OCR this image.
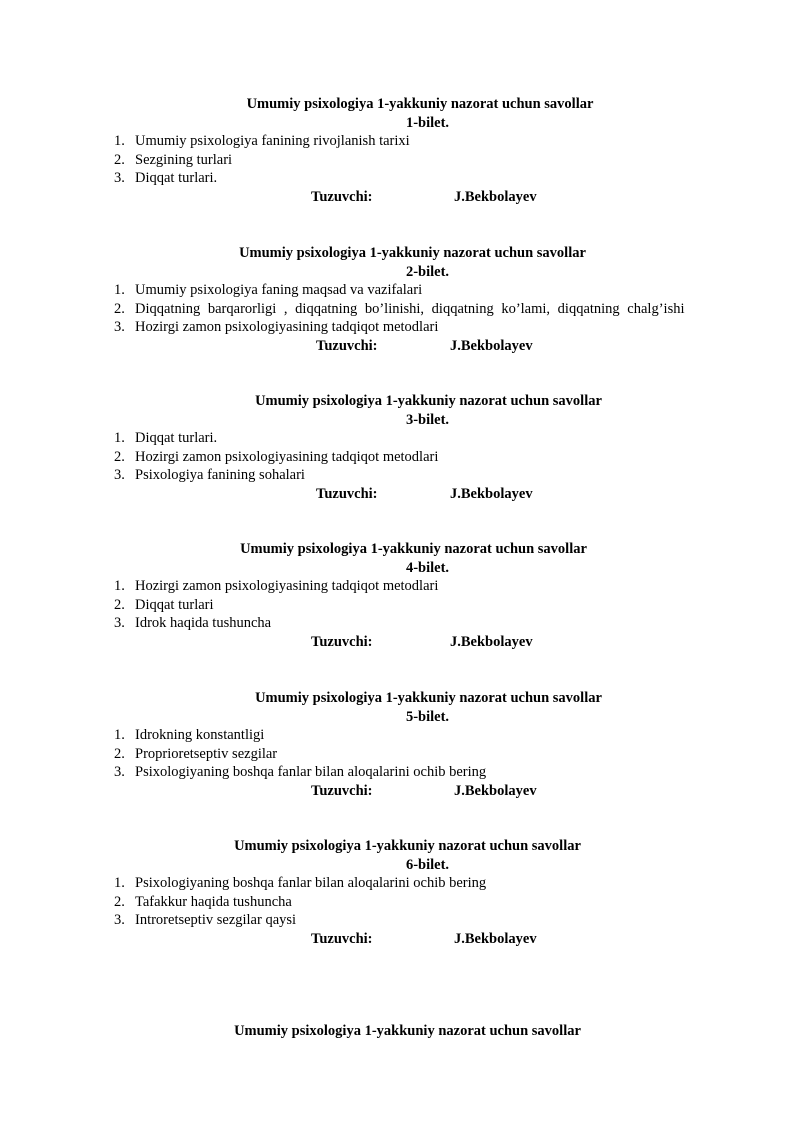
Umumiy psixologiya 1-yakkuniy nazorat uchun savollar
1-bilet.
1. Umumiy psixologiya fanining rivojlanish tarixi
2. Sezgining turlari
3. Diqqat turlari.
Tuzuvchi:	J.Bekbolayev
Umumiy psixologiya 1-yakkuniy nazorat uchun savollar
2-bilet.
1. Umumiy psixologiya faning maqsad va vazifalari
2. Diqqatning barqarorligi , diqqatning bo’linishi, diqqatning ko’lami, diqqatning chalg’ishi
3. Hozirgi zamon psixologiyasining tadqiqot metodlari
Tuzuvchi:	J.Bekbolayev
Umumiy psixologiya 1-yakkuniy nazorat uchun savollar
3-bilet.
1. Diqqat turlari.
2. Hozirgi zamon psixologiyasining tadqiqot metodlari
3. Psixologiya fanining sohalari
Tuzuvchi:	J.Bekbolayev
Umumiy psixologiya 1-yakkuniy nazorat uchun savollar
4-bilet.
1. Hozirgi zamon psixologiyasining tadqiqot metodlari
2. Diqqat turlari
3. Idrok haqida tushuncha
Tuzuvchi:	J.Bekbolayev
Umumiy psixologiya 1-yakkuniy nazorat uchun savollar
5-bilet.
1. Idrokning konstantligi
2. Proprioretseptiv sezgilar
3. Psixologiyaning boshqa fanlar bilan aloqalarini ochib bering
Tuzuvchi:	J.Bekbolayev
Umumiy psixologiya 1-yakkuniy nazorat uchun savollar
6-bilet.
1. Psixologiyaning boshqa fanlar bilan aloqalarini ochib bering
2. Tafakkur haqida tushuncha
3. Introretseptiv sezgilar qaysi
Tuzuvchi:	J.Bekbolayev
Umumiy psixologiya 1-yakkuniy nazorat uchun savollar
